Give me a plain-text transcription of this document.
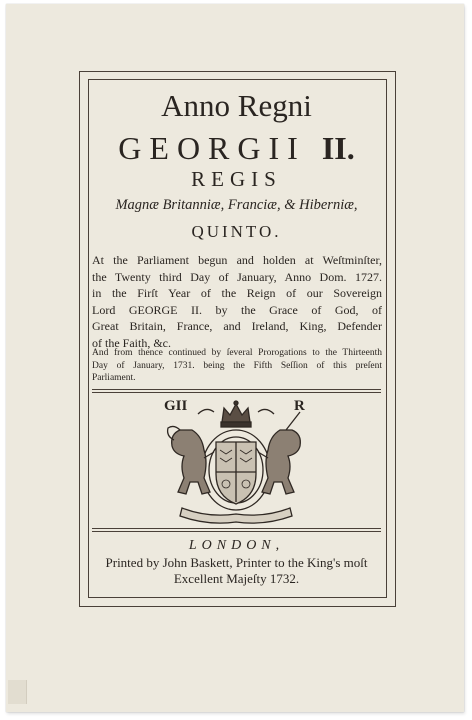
Anno Regni
GEORGII II.
REGIS
Magnæ Britanniæ, Franciæ, & Hiberniæ,
QUINTO.
At the Parliament begun and holden at Weſtminſter,
the Twenty third Day of January, Anno Dom. 1727.
in the Firſt Year of the Reign of our Sovereign
Lord GEORGE II. by the Grace of God, of
Great Britain, France, and Ireland, King, Defender
of the Faith, &c.
And from thence continued by ſeveral Prorogations to the Thirteenth
Day of January, 1731. being the Fifth Seſſion of this preſent
Parliament.
GII	R
LONDON,
Printed by John Baskett, Printer to the King's moſt
Excellent Majeſty 1732.
